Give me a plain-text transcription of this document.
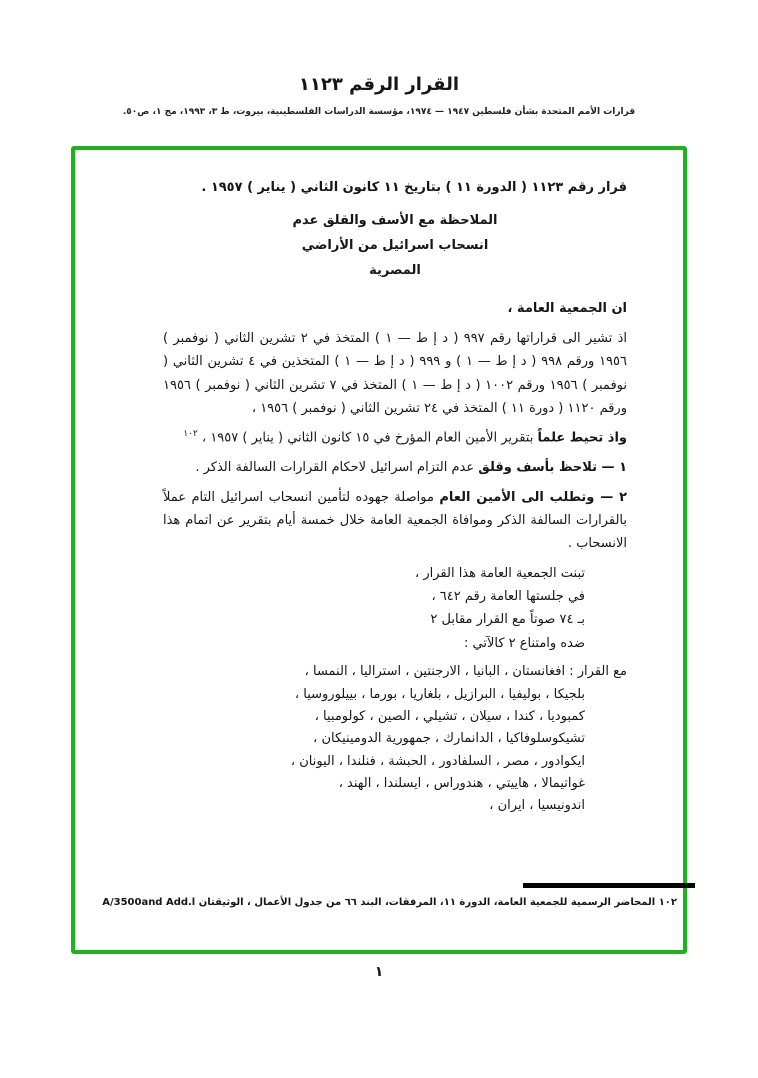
القرار الرقم ١١٢٣

قرارات الأمم المتحدة بشأن فلسطين ١٩٤٧ — ١٩٧٤، مؤسسة الدراسات الفلسطينية، بيروت، ط ٣، ١٩٩٣، مج ١، ص٥٠.

قرار رقم ١١٢٣ ( الدورة ١١ ) بتاريخ ١١ كانون الثاني ( يناير ) ١٩٥٧ .

الملاحظة مع الأسف والقلق عدم انسحاب اسرائيل من الأراضي المصرية

ان الجمعية العامة ،

اذ تشير الى قراراتها رقم ٩٩٧ ( د إ ط — ١ ) المتخذ في ٢ تشرين الثاني ( نوفمبر ) ١٩٥٦ ورقم ٩٩٨ ( د إ ط — ١ ) و ٩٩٩ ( د إ ط — ١ ) المتخذين في ٤ تشرين الثاني ( نوفمبر ) ١٩٥٦ ورقم ١٠٠٢ ( د إ ط — ١ ) المتخذ في ٧ تشرين الثاني ( نوفمبر ) ١٩٥٦ ورقم ١١٢٠ ( دورة ١١ ) المتخذ في ٢٤ تشرين الثاني ( نوفمبر ) ١٩٥٦ ،

واذ تحيط علماً بتقرير الأمين العام المؤرخ في ١٥ كانون الثاني ( يناير ) ١٩٥٧ ، $^{١٠٢}$

١ — تلاحظ بأسف وقلق عدم التزام اسرائيل لاحكام القرارات السالفة الذكر .

٢ — وتطلب الى الأمين العام مواصلة جهوده لتأمين انسحاب اسرائيل التام عملاً بالقرارات السالفة الذكر وموافاة الجمعية العامة خلال خمسة أيام بتقرير عن اتمام هذا الانسحاب .

تبنت الجمعية العامة هذا القرار ،

في جلستها العامة رقم ٦٤٢ ،

بـ ٧٤ صوتاً مع القرار مقابل ٢

ضده وامتناع ٢ كالآتي :

مع القرار : افغانستان ، البانيا ، الارجنتين ، استراليا ، النمسا ، بلجيكا ، بوليفيا ، البرازيل ، بلغاريا ، بورما ، بييلوروسيا ، كمبوديا ، كندا ، سيلان ، تشيلي ، الصين ، كولومبيا ، تشيكوسلوفاكيا ، الدانمارك ، جمهورية الدومينيكان ، ايكوادور ، مصر ، السلفادور ، الحبشة ، فنلندا ، اليونان ، غواتيمالا ، هاييتي ، هندوراس ، ايسلندا ، الهند ، اندونيسيا ، ايران ،

١٠٢ المحاضر الرسمية للجمعية العامة، الدورة ١١، المرفقات، البند ٦٦ من جدول الأعمال ، الوثيقتان A/3500and Add.l

١
